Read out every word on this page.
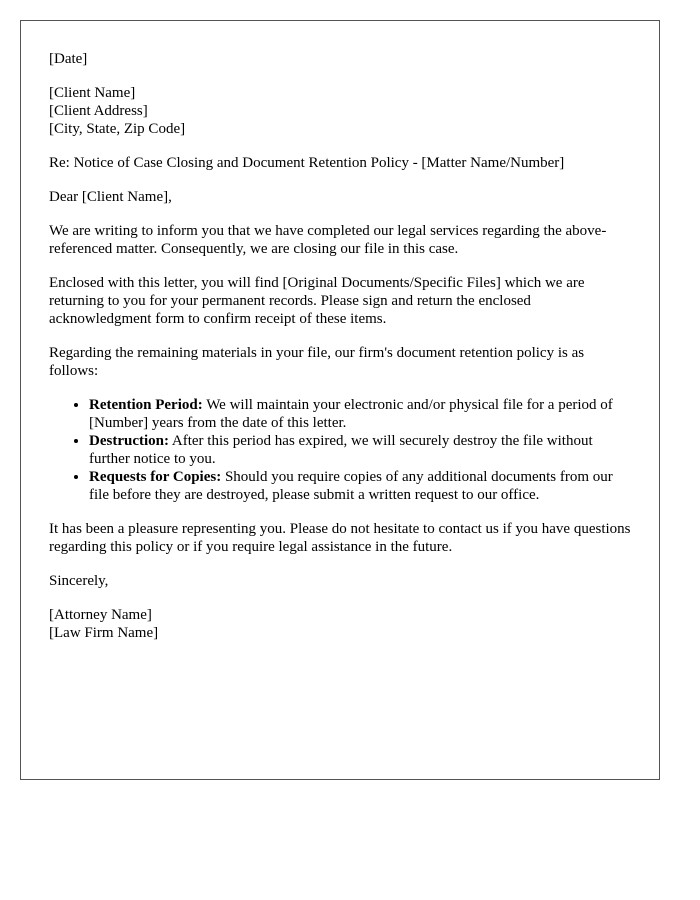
[Date]
[Client Name]
[Client Address]
[City, State, Zip Code]

Re: Notice of Case Closing and Document Retention Policy - [Matter Name/Number]

Dear [Client Name],

We are writing to inform you that we have completed our legal services regarding the above-referenced matter. Consequently, we are closing our file in this case.

Enclosed with this letter, you will find [Original Documents/Specific Files] which we are returning to you for your permanent records. Please sign and return the enclosed acknowledgment form to confirm receipt of these items.

Regarding the remaining materials in your file, our firm's document retention policy is as follows:

• Retention Period: We will maintain your electronic and/or physical file for a period of [Number] years from the date of this letter.
• Destruction: After this period has expired, we will securely destroy the file without further notice to you.
• Requests for Copies: Should you require copies of any additional documents from our file before they are destroyed, please submit a written request to our office.

It has been a pleasure representing you. Please do not hesitate to contact us if you have questions regarding this policy or if you require legal assistance in the future.

Sincerely,

[Attorney Name]
[Law Firm Name]
